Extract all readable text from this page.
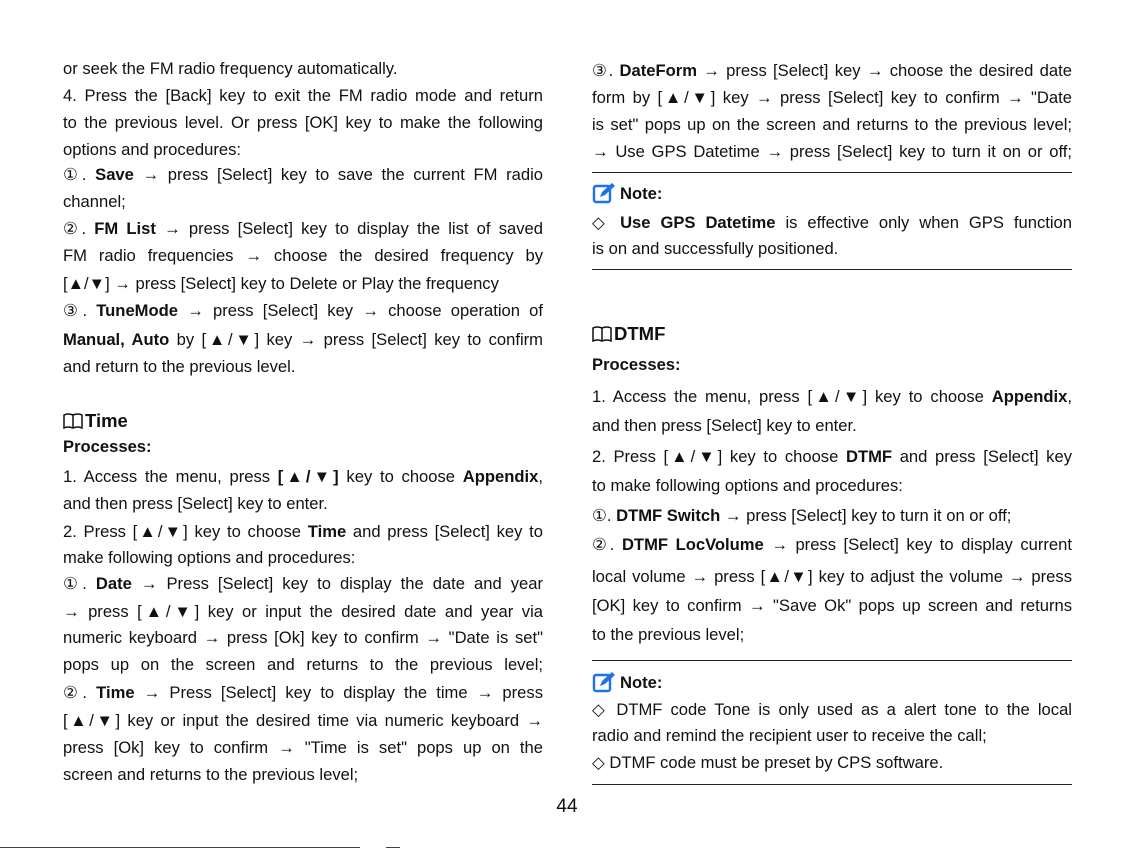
or seek the FM radio frequency automatically.
4. Press the [Back] key to exit the FM radio mode and return
to the previous level. Or press [OK] key to make the following
options and procedures:
①. Save → press [Select] key to save the current FM radio
channel;
②. FM List → press [Select] key to display the list of saved
FM radio frequencies → choose the desired frequency by
[▲/▼] → press [Select] key to Delete or Play the frequency
③. TuneMode → press [Select] key → choose operation of
Manual, Auto by [▲/▼] key → press [Select] key to confirm
and return to the previous level.
Time
Processes:
1. Access the menu, press [▲/▼] key to choose Appendix,
and then press [Select] key to enter.
2. Press [▲/▼] key to choose Time and press [Select] key to
make following options and procedures:
①. Date → Press [Select] key to display the date and year
→ press [▲/▼] key or input the desired date and year via
numeric keyboard → press [Ok] key to confirm → "Date is set"
pops up on the screen and returns to the previous level;
②. Time → Press [Select] key to display the time → press
[▲/▼] key or input the desired time via numeric keyboard →
press [Ok] key to confirm → "Time is set" pops up on the
screen and returns to the previous level;
③. DateForm → press [Select] key → choose the desired date
form by [▲/▼] key → press [Select] key to confirm → "Date
is set" pops up on the screen and returns to the previous level;
→ Use GPS Datetime → press [Select] key to turn it on or off;
Note:
◇ Use GPS Datetime is effective only when GPS function
is on and successfully positioned.
DTMF
Processes:
1. Access the menu, press [▲/▼] key to choose Appendix,
and then press [Select] key to enter.
2. Press [▲/▼] key to choose DTMF and press [Select] key
to make following options and procedures:
①. DTMF Switch → press [Select] key to turn it on or off;
②. DTMF LocVolume → press [Select] key to display current
local volume → press [▲/▼] key to adjust the volume → press
[OK] key to confirm → "Save Ok" pops up screen and returns
to the previous level;
Note:
◇ DTMF code Tone is only used as a alert tone to the local
radio and remind the recipient user to receive the call;
◇ DTMF code must be preset by CPS software.
44
